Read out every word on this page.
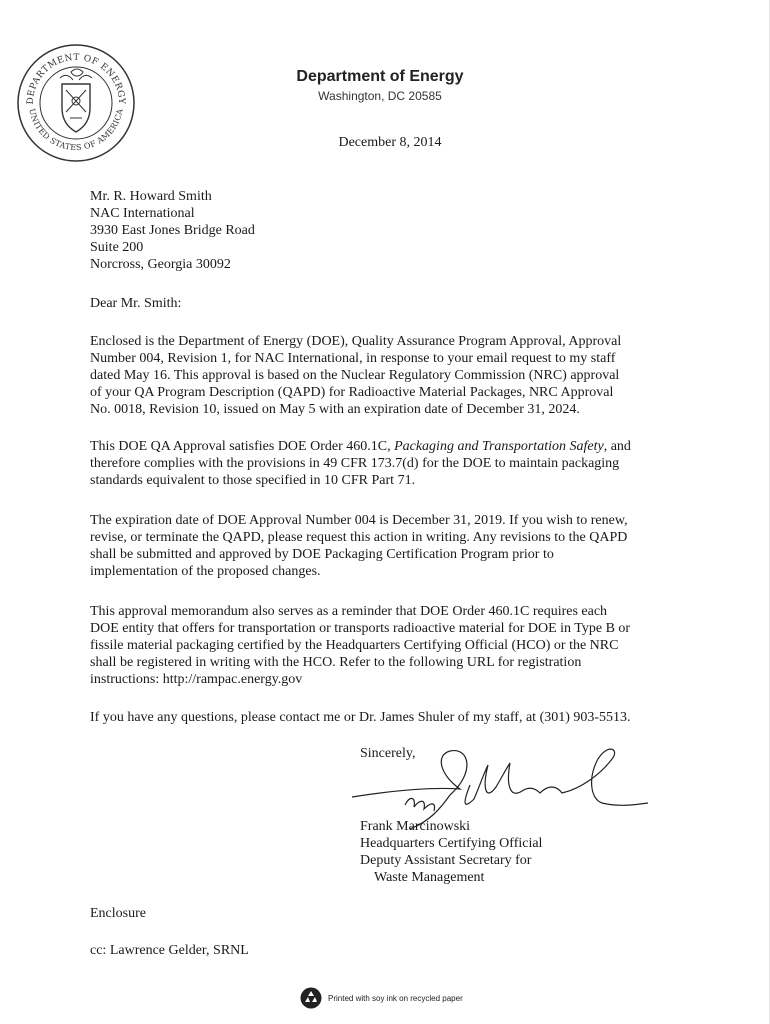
DEPARTMENT OF ENERGY
UNITED STATES OF AMERICA
Department of Energy
Washington, DC 20585
December 8, 2014
Mr. R. Howard Smith
NAC International
3930 East Jones Bridge Road
Suite 200
Norcross, Georgia 30092
Dear Mr. Smith:
Enclosed is the Department of Energy (DOE), Quality Assurance Program Approval, Approval
Number 004, Revision 1, for NAC International, in response to your email request to my staff
dated May 16. This approval is based on the Nuclear Regulatory Commission (NRC) approval
of your QA Program Description (QAPD) for Radioactive Material Packages, NRC Approval
No. 0018, Revision 10, issued on May 5 with an expiration date of December 31, 2024.
This DOE QA Approval satisfies DOE Order 460.1C, Packaging and Transportation Safety, and
therefore complies with the provisions in 49 CFR 173.7(d) for the DOE to maintain packaging
standards equivalent to those specified in 10 CFR Part 71.
The expiration date of DOE Approval Number 004 is December 31, 2019. If you wish to renew,
revise, or terminate the QAPD, please request this action in writing. Any revisions to the QAPD
shall be submitted and approved by DOE Packaging Certification Program prior to
implementation of the proposed changes.
This approval memorandum also serves as a reminder that DOE Order 460.1C requires each
DOE entity that offers for transportation or transports radioactive material for DOE in Type B or
fissile material packaging certified by the Headquarters Certifying Official (HCO) or the NRC
shall be registered in writing with the HCO. Refer to the following URL for registration
instructions: http://rampac.energy.gov
If you have any questions, please contact me or Dr. James Shuler of my staff, at (301) 903-5513.
Sincerely,
Frank Marcinowski
Headquarters Certifying Official
Deputy Assistant Secretary for
Waste Management
Enclosure
cc: Lawrence Gelder, SRNL
Printed with soy ink on recycled paper
